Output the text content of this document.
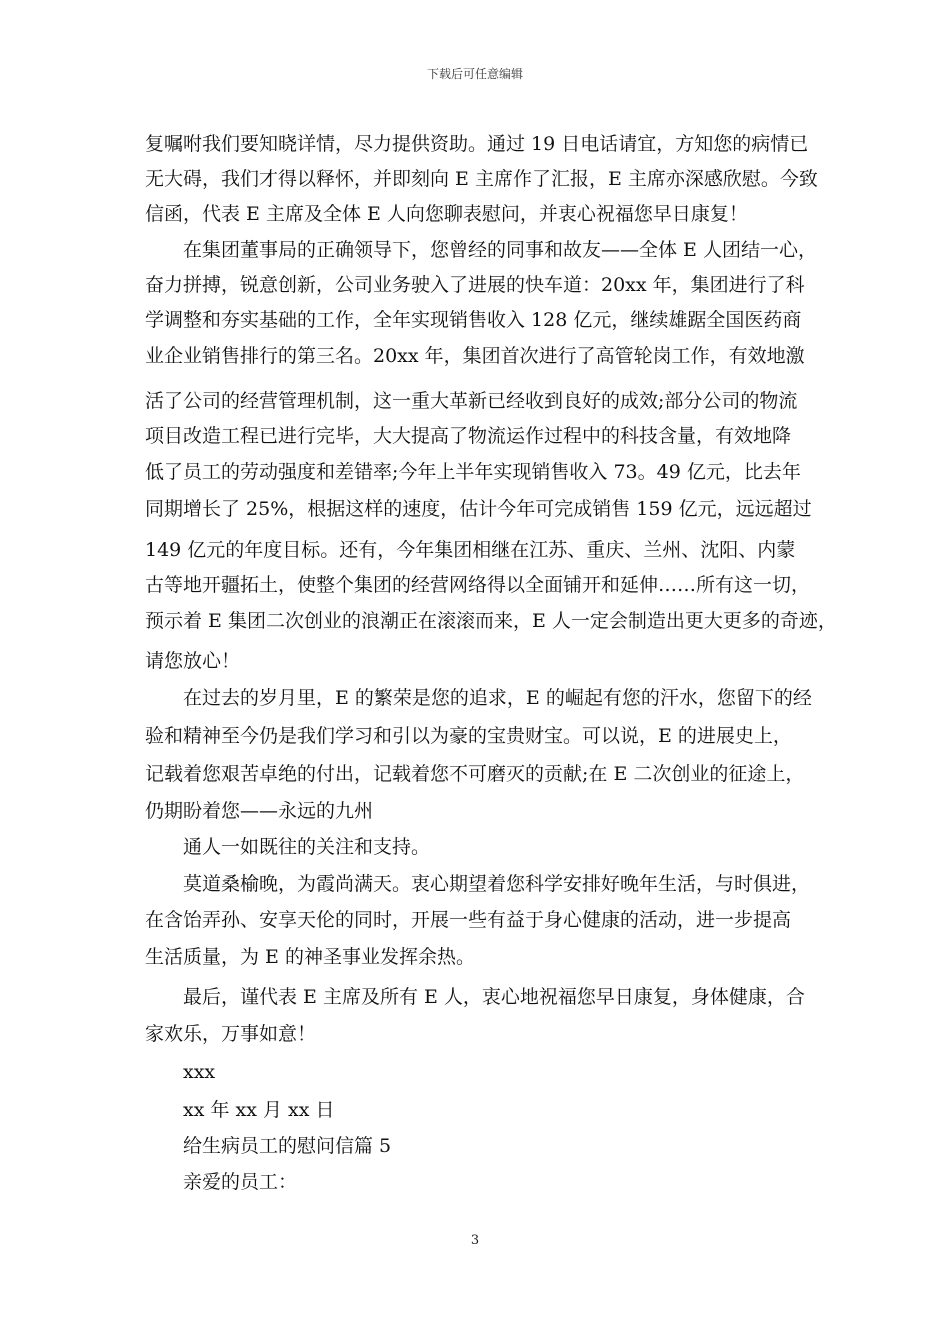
下载后可任意编辑
复嘱咐我们要知晓详情，尽力提供资助。通过 19 日电话请宜，方知您的病情已
无大碍，我们才得以释怀，并即刻向 E 主席作了汇报，E 主席亦深感欣慰。今致
信函，代表 E 主席及全体 E 人向您聊表慰问，并衷心祝福您早日康复！
在集团董事局的正确领导下，您曾经的同事和故友——全体 E 人团结一心，
奋力拼搏，锐意创新，公司业务驶入了进展的快车道：20xx 年，集团进行了科
学调整和夯实基础的工作，全年实现销售收入 128 亿元，继续雄踞全国医药商
业企业销售排行的第三名。20xx 年，集团首次进行了高管轮岗工作，有效地激
活了公司的经营管理机制，这一重大革新已经收到良好的成效;部分公司的物流
项目改造工程已进行完毕，大大提高了物流运作过程中的科技含量，有效地降
低了员工的劳动强度和差错率;今年上半年实现销售收入 73。49 亿元，比去年
同期增长了 25%，根据这样的速度，估计今年可完成销售 159 亿元，远远超过
149 亿元的年度目标。还有，今年集团相继在江苏、重庆、兰州、沈阳、内蒙
古等地开疆拓土，使整个集团的经营网络得以全面铺开和延伸……所有这一切，
预示着 E 集团二次创业的浪潮正在滚滚而来，E 人一定会制造出更大更多的奇迹，
请您放心！
在过去的岁月里，E 的繁荣是您的追求，E 的崛起有您的汗水，您留下的经
验和精神至今仍是我们学习和引以为豪的宝贵财宝。可以说，E 的进展史上，
记载着您艰苦卓绝的付出，记载着您不可磨灭的贡献;在 E 二次创业的征途上，
仍期盼着您——永远的九州
通人一如既往的关注和支持。
莫道桑榆晚，为霞尚满天。衷心期望着您科学安排好晚年生活，与时俱进，
在含饴弄孙、安享天伦的同时，开展一些有益于身心健康的活动，进一步提高
生活质量，为 E 的神圣事业发挥余热。
最后，谨代表 E 主席及所有 E 人，衷心地祝福您早日康复，身体健康，合
家欢乐，万事如意！
xxx
xx 年 xx 月 xx 日
给生病员工的慰问信篇 5
亲爱的员工：
3
